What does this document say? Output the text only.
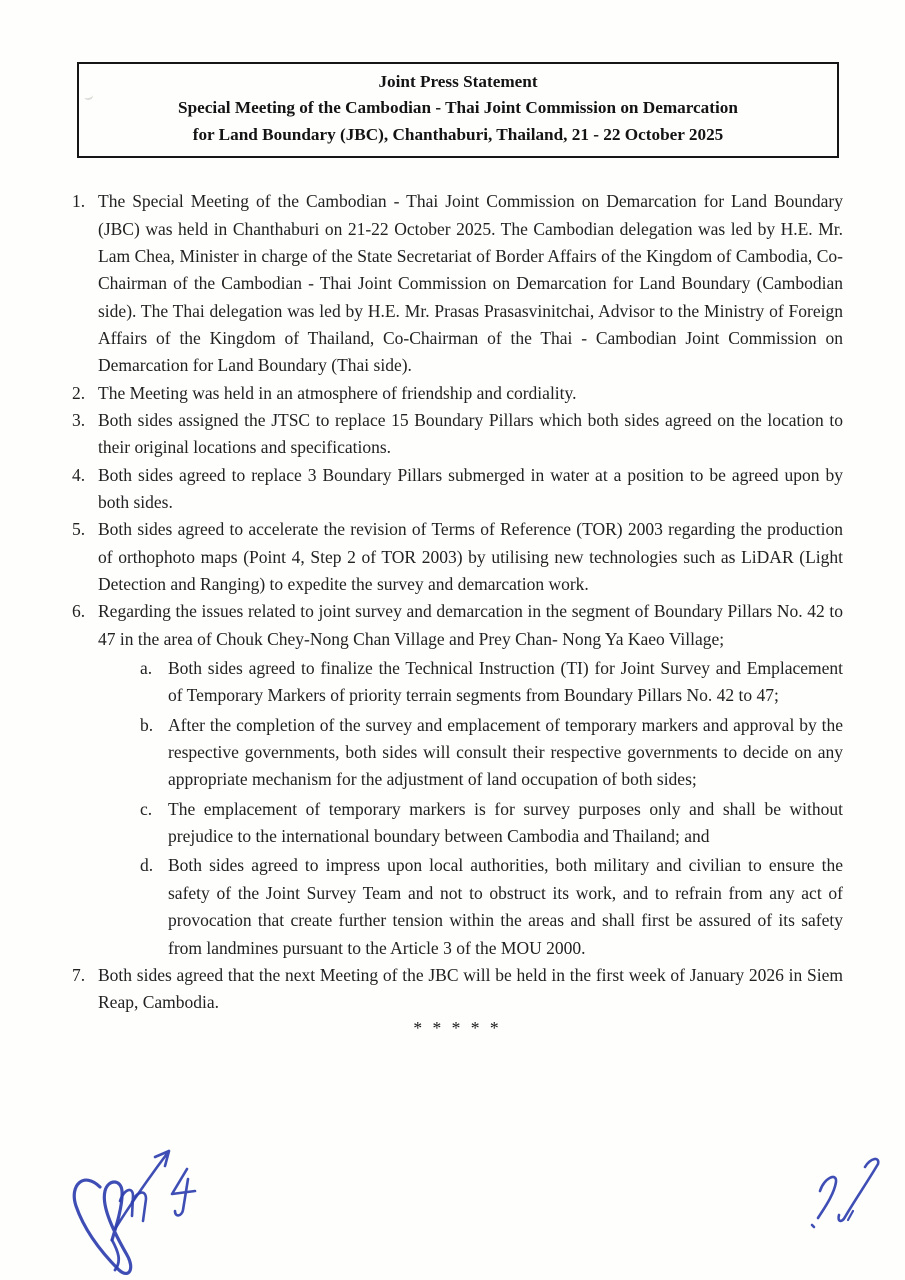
Joint Press Statement
Special Meeting of the Cambodian - Thai Joint Commission on Demarcation
for Land Boundary (JBC), Chanthaburi, Thailand, 21 - 22 October 2025
1. The Special Meeting of the Cambodian - Thai Joint Commission on Demarcation for Land Boundary (JBC) was held in Chanthaburi on 21-22 October 2025. The Cambodian delegation was led by H.E. Mr. Lam Chea, Minister in charge of the State Secretariat of Border Affairs of the Kingdom of Cambodia, Co-Chairman of the Cambodian - Thai Joint Commission on Demarcation for Land Boundary (Cambodian side). The Thai delegation was led by H.E. Mr. Prasas Prasasvinitchai, Advisor to the Ministry of Foreign Affairs of the Kingdom of Thailand, Co-Chairman of the Thai - Cambodian Joint Commission on Demarcation for Land Boundary (Thai side).
2. The Meeting was held in an atmosphere of friendship and cordiality.
3. Both sides assigned the JTSC to replace 15 Boundary Pillars which both sides agreed on the location to their original locations and specifications.
4. Both sides agreed to replace 3 Boundary Pillars submerged in water at a position to be agreed upon by both sides.
5. Both sides agreed to accelerate the revision of Terms of Reference (TOR) 2003 regarding the production of orthophoto maps (Point 4, Step 2 of TOR 2003) by utilising new technologies such as LiDAR (Light Detection and Ranging) to expedite the survey and demarcation work.
6. Regarding the issues related to joint survey and demarcation in the segment of Boundary Pillars No. 42 to 47 in the area of Chouk Chey-Nong Chan Village and Prey Chan- Nong Ya Kaeo Village;
a. Both sides agreed to finalize the Technical Instruction (TI) for Joint Survey and Emplacement of Temporary Markers of priority terrain segments from Boundary Pillars No. 42 to 47;
b. After the completion of the survey and emplacement of temporary markers and approval by the respective governments, both sides will consult their respective governments to decide on any appropriate mechanism for the adjustment of land occupation of both sides;
c. The emplacement of temporary markers is for survey purposes only and shall be without prejudice to the international boundary between Cambodia and Thailand; and
d. Both sides agreed to impress upon local authorities, both military and civilian to ensure the safety of the Joint Survey Team and not to obstruct its work, and to refrain from any act of provocation that create further tension within the areas and shall first be assured of its safety from landmines pursuant to the Article 3 of the MOU 2000.
7. Both sides agreed that the next Meeting of the JBC will be held in the first week of January 2026 in Siem Reap, Cambodia.
* * * * *
